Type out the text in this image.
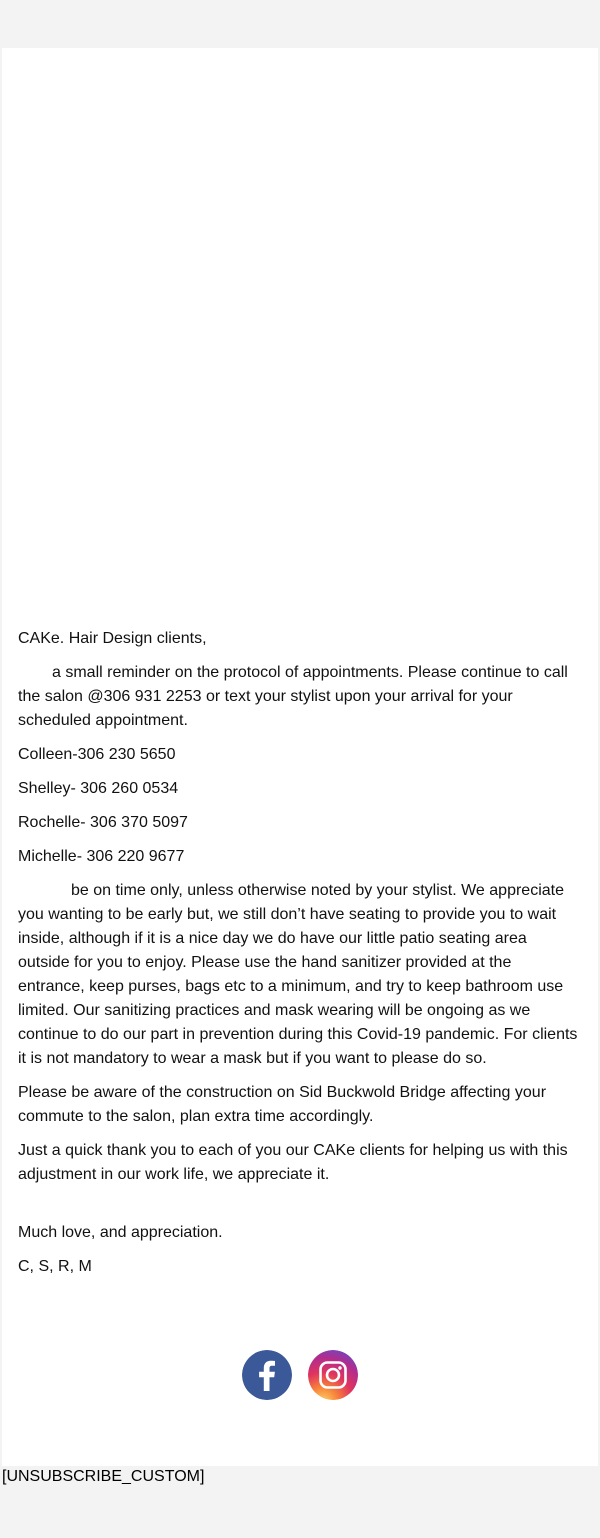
CAKe. Hair Design clients,

a small reminder on the protocol of appointments. Please continue to call the salon @306 931 2253 or text your stylist upon your arrival for your scheduled appointment.

Colleen-306 230 5650

Shelley- 306 260 0534

Rochelle- 306 370 5097

Michelle- 306 220 9677

be on time only, unless otherwise noted by your stylist. We appreciate you wanting to be early but, we still don’t have seating to provide you to wait inside, although if it is a nice day we do have our little patio seating area outside for you to enjoy. Please use the hand sanitizer provided at the entrance, keep purses, bags etc to a minimum, and try to keep bathroom use limited. Our sanitizing practices and mask wearing will be ongoing as we continue to do our part in prevention during this Covid-19 pandemic. For clients it is not mandatory to wear a mask but if you want to please do so.

Please be aware of the construction on Sid Buckwold Bridge affecting your commute to the salon, plan extra time accordingly.

Just a quick thank you to each of you our CAKe clients for helping us with this adjustment in our work life, we appreciate it.

Much love, and appreciation.

C, S, R, M

[UNSUBSCRIBE_CUSTOM]
